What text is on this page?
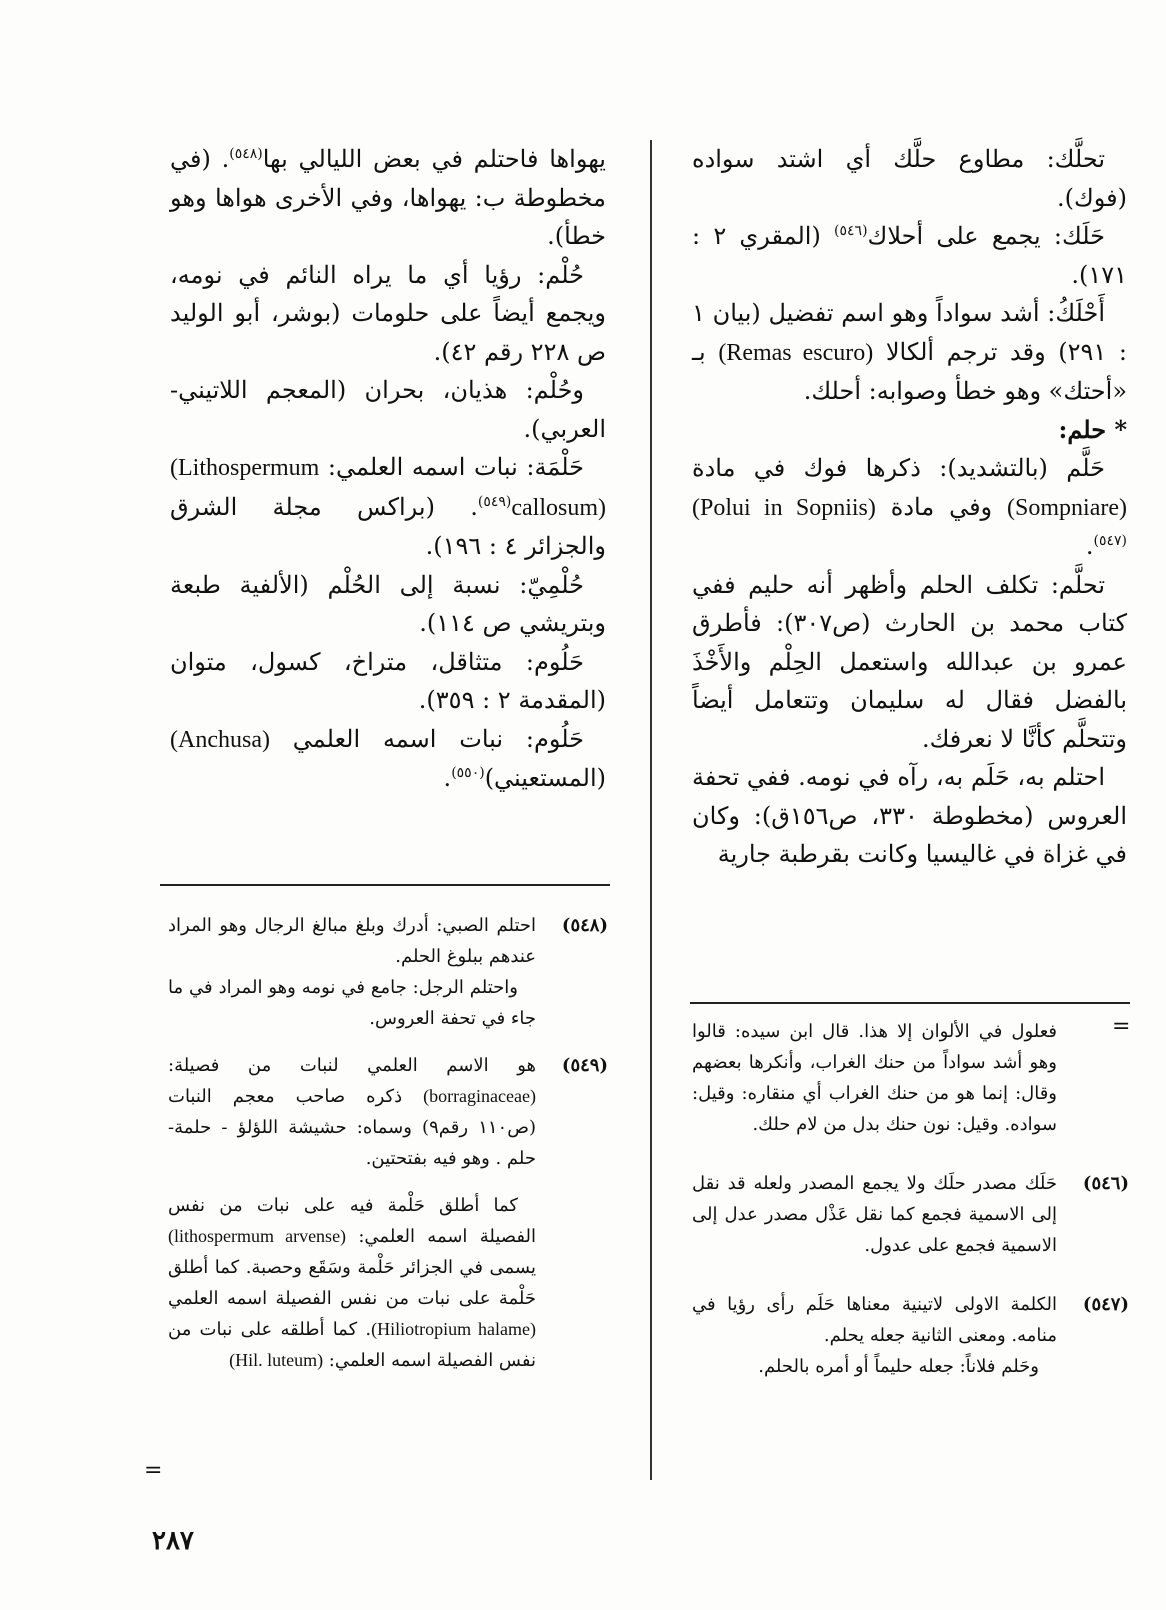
تحلَّك: مطاوع حلَّك أي اشتد سواده (فوك).

حَلَك: يجمع على أحلاك$^{(٥٤٦)}$ (المقري ٢ : ١٧١).

أَحْلَكُ: أشد سواداً وهو اسم تفضيل (بيان ١ : ٢٩١) وقد ترجم ألكالا (Remas escuro) بـ «أحتك» وهو خطأ وصوابه: أحلك.

* حلم:

حَلَّم (بالتشديد): ذكرها فوك في مادة (Sompniare) وفي مادة (Polui in Sopniis)$^{(٥٤٧)}$.

تحلَّم: تكلف الحلم وأظهر أنه حليم ففي كتاب محمد بن الحارث (ص٣٠٧): فأطرق عمرو بن عبدالله واستعمل الحِلْم والأَخْذَ بالفضل فقال له سليمان وتتعامل أيضاً وتتحلَّم كأنَّا لا نعرفك.

احتلم به، حَلَم به، رآه في نومه. ففي تحفة العروس (مخطوطة ٣٣٠، ص١٥٦ق): وكان في غزاة في غاليسيا وكانت بقرطبة جارية

يهواها فاحتلم في بعض الليالي بها$^{(٥٤٨)}$. (في مخطوطة ب: يهواها، وفي الأخرى هواها وهو خطأ).

حُلْم: رؤيا أي ما يراه النائم في نومه، ويجمع أيضاً على حلومات (بوشر، أبو الوليد ص ٢٢٨ رقم ٤٢).

وحُلْم: هذيان، بحران (المعجم اللاتيني-العربي).

حَلْمَة: نبات اسمه العلمي: (Lithospermum callosum)$^{(٥٤٩)}$. (براكس مجلة الشرق والجزائر ٤ : ١٩٦).

حُلْمِيّ: نسبة إلى الحُلْم (الألفية طبعة وبتريشي ص ١١٤).

حَلُوم: متثاقل، متراخ، كسول، متوان (المقدمة ٢ : ٣٥٩).

حَلُوم: نبات اسمه العلمي (Anchusa) (المستعيني)$^{(٥٥٠)}$.

(٥٤٨)

احتلم الصبي: أدرك وبلغ مبالغ الرجال وهو المراد عندهم ببلوغ الحلم.

واحتلم الرجل: جامع في نومه وهو المراد في ما جاء في تحفة العروس.

(٥٤٩)

هو الاسم العلمي لنبات من فصيلة: (borraginaceae) ذكره صاحب معجم النبات (ص١١٠ رقم٩) وسماه: حشيشة اللؤلؤ - حلمة-حلم . وهو فيه بفتحتين.

كما أطلق حَلْمة فيه على نبات من نفس الفصيلة اسمه العلمي: (lithospermum arvense) يسمى في الجزائر حَلْمة وسَقَع وحصبة. كما أطلق حَلْمة على نبات من نفس الفصيلة اسمه العلمي (Hiliotropium halame). كما أطلقه على نبات من نفس الفصيلة اسمه العلمي: (Hil. luteum)

=

فعلول في الألوان إلا هذا. قال ابن سيده: قالوا وهو أشد سواداً من حنك الغراب، وأنكرها بعضهم وقال: إنما هو من حنك الغراب أي منقاره: وقيل: سواده. وقيل: نون حنك بدل من لام حلك.

(٥٤٦)

حَلَك مصدر حلَك ولا يجمع المصدر ولعله قد نقل إلى الاسمية فجمع كما نقل عَذْل مصدر عدل إلى الاسمية فجمع على عدول.

(٥٤٧)

الكلمة الاولى لاتينية معناها حَلَم رأى رؤيا في منامه. ومعنى الثانية جعله يحلم.

وحَلم فلاناً: جعله حليماً أو أمره بالحلم.

=
٢٨٧
